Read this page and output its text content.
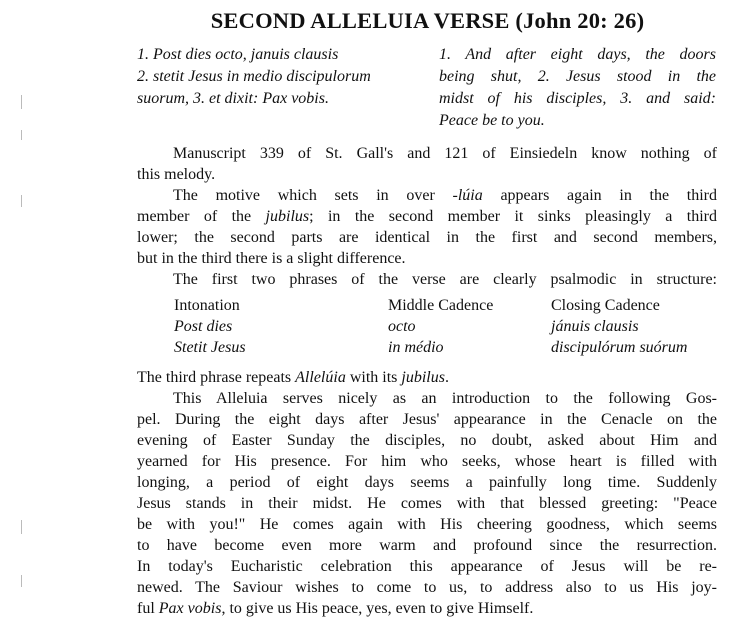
SECOND ALLELUIA VERSE (John 20: 26)
1. Post dies octo, januis clausis
2. stetit Jesus in medio discipulorum
suorum, 3. et dixit: Pax vobis.
1. And after eight days, the doors
being shut, 2. Jesus stood in the
midst of his disciples, 3. and said:
Peace be to you.
Manuscript 339 of St. Gall's and 121 of Einsiedeln know nothing of
this melody.
The motive which sets in over -lúia appears again in the third
member of the jubilus; in the second member it sinks pleasingly a third
lower; the second parts are identical in the first and second members,
but in the third there is a slight difference.
The first two phrases of the verse are clearly psalmodic in structure:
Intonation	Middle Cadence	Closing Cadence
Post dies	octo	jánuis clausis
Stetit Jesus	in médio	discipulórum suórum
The third phrase repeats Allelúia with its jubilus.
This Alleluia serves nicely as an introduction to the following Gos-
pel. During the eight days after Jesus' appearance in the Cenacle on the
evening of Easter Sunday the disciples, no doubt, asked about Him and
yearned for His presence. For him who seeks, whose heart is filled with
longing, a period of eight days seems a painfully long time. Suddenly
Jesus stands in their midst. He comes with that blessed greeting: "Peace
be with you!" He comes again with His cheering goodness, which seems
to have become even more warm and profound since the resurrection.
In today's Eucharistic celebration this appearance of Jesus will be re-
newed. The Saviour wishes to come to us, to address also to us His joy-
ful Pax vobis, to give us His peace, yes, even to give Himself.
